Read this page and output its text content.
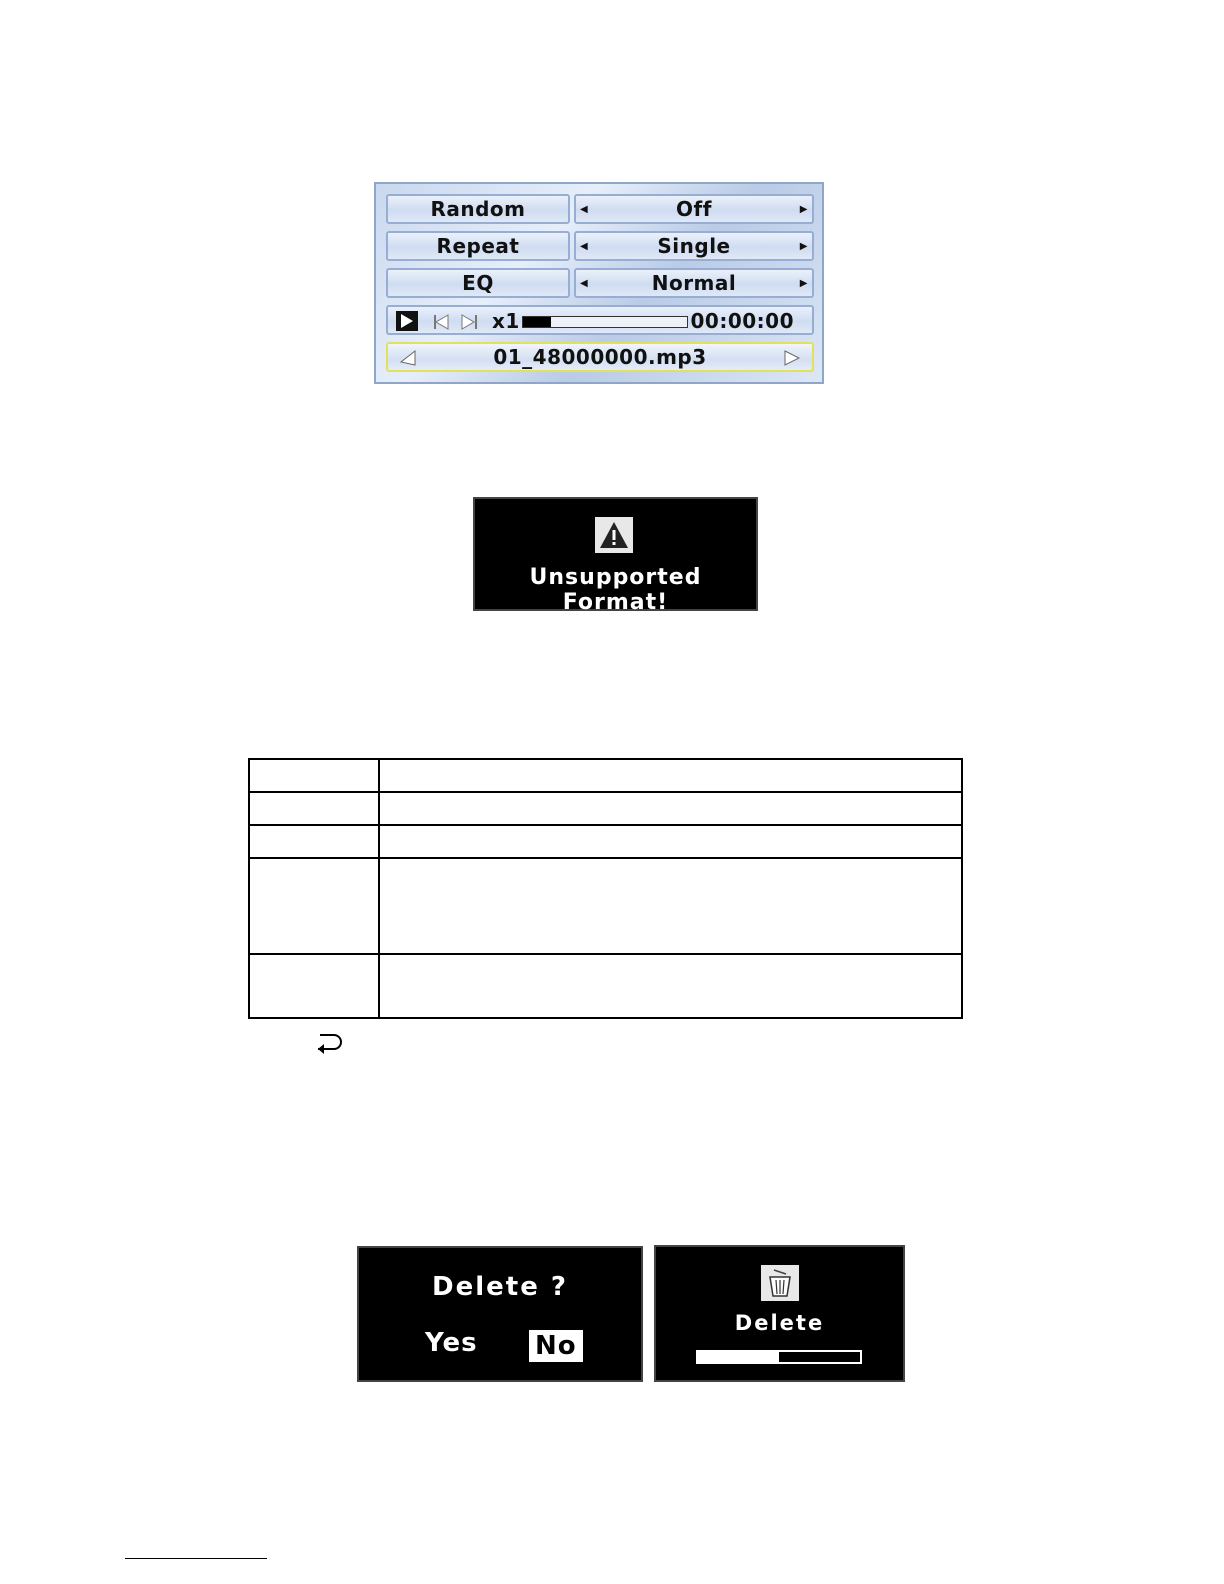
Random	◀	Off	▶
Repeat	◀	Single	▶
EQ	◀	Normal	▶
x1	00:00:00
01_48000000.mp3
Unsupported Format!

Delete ?
Yes No
Delete
